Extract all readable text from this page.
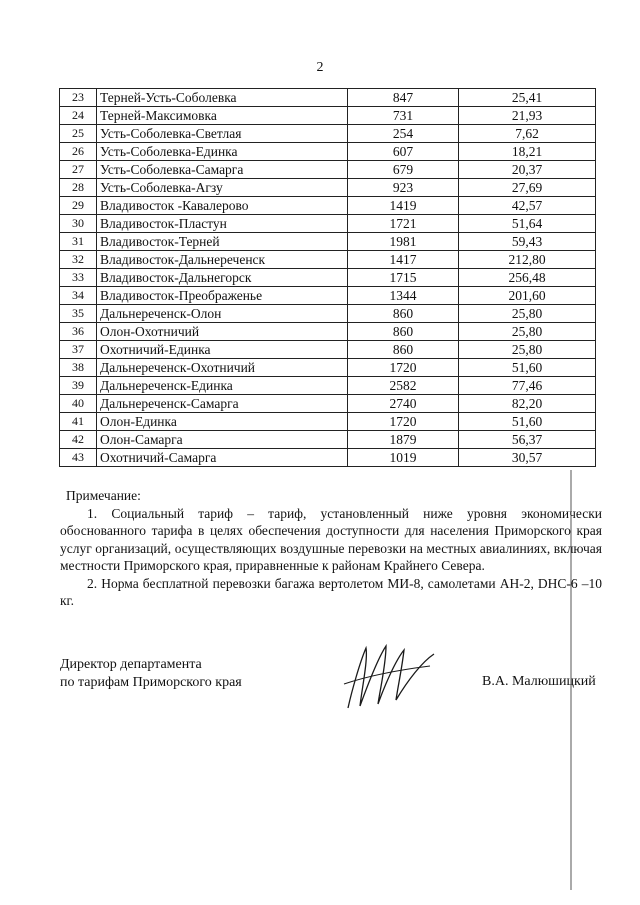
2
23	Терней-Усть-Соболевка	847	25,41
24	Терней-Максимовка	731	21,93
25	Усть-Соболевка-Светлая	254	7,62
26	Усть-Соболевка-Единка	607	18,21
27	Усть-Соболевка-Самарга	679	20,37
28	Усть-Соболевка-Агзу	923	27,69
29	Владивосток -Кавалерово	1419	42,57
30	Владивосток-Пластун	1721	51,64
31	Владивосток-Терней	1981	59,43
32	Владивосток-Дальнереченск	1417	212,80
33	Владивосток-Дальнегорск	1715	256,48
34	Владивосток-Преображенье	1344	201,60
35	Дальнереченск-Олон	860	25,80
36	Олон-Охотничий	860	25,80
37	Охотничий-Единка	860	25,80
38	Дальнереченск-Охотничий	1720	51,60
39	Дальнереченск-Единка	2582	77,46
40	Дальнереченск-Самарга	2740	82,20
41	Олон-Единка	1720	51,60
42	Олон-Самарга	1879	56,37
43	Охотничий-Самарга	1019	30,57
Примечание:

1. Социальный тариф – тариф, установленный ниже уровня экономически обоснованного тарифа в целях обеспечения доступности для населения Приморского края услуг организаций, осуществляющих воздушные перевозки на местных авиалиниях, включая местности Приморского края, приравненные к районам Крайнего Севера.

2. Норма бесплатной перевозки багажа вертолетом МИ-8, самолетами АН-2, DHC-6 –10 кг.

Директор департамента
по тарифам Приморского края	В.А. Малюшицкий
